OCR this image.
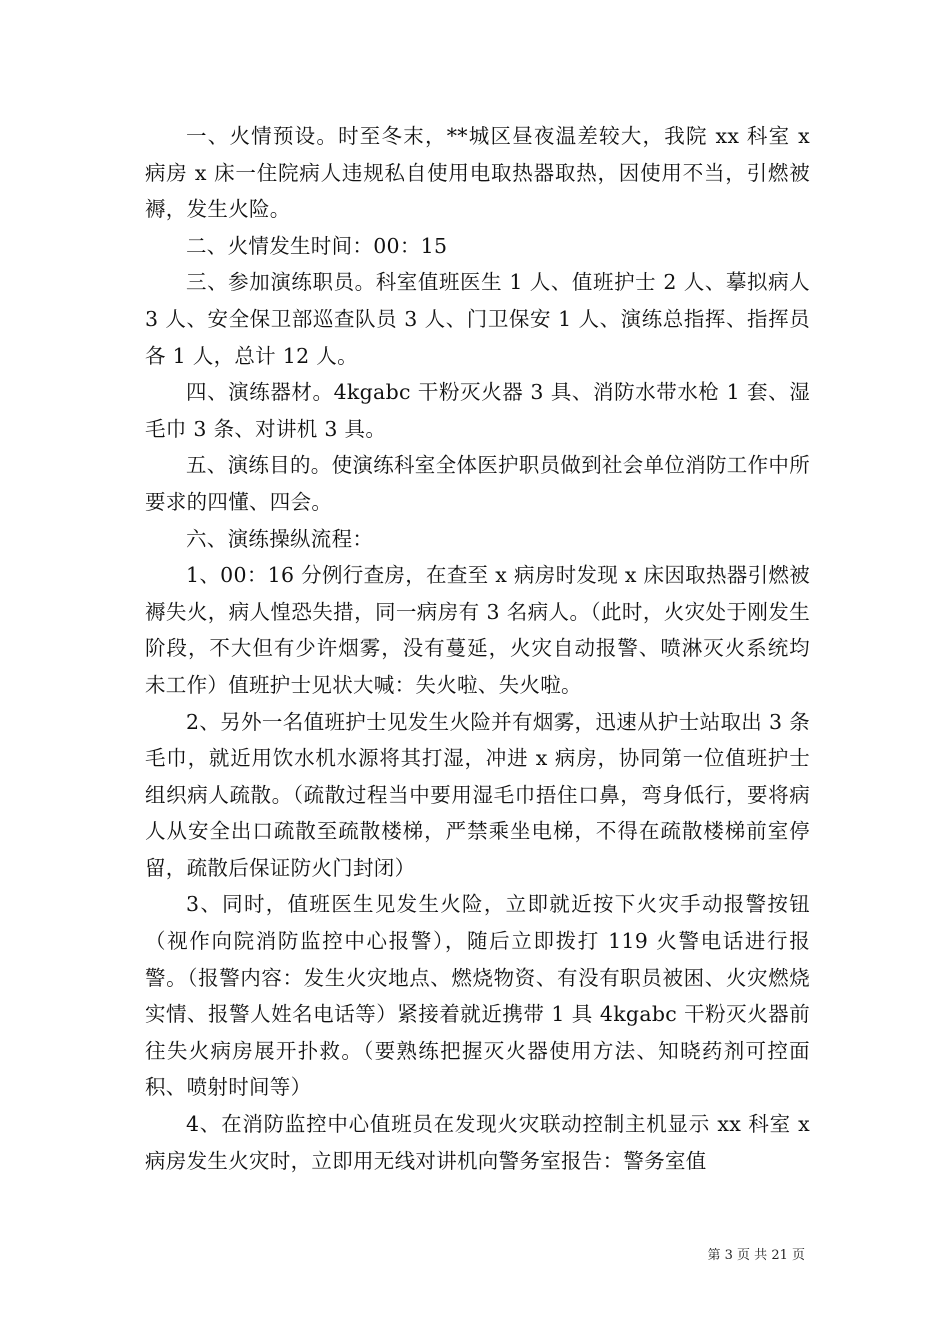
一、火情预设。时至冬末，**城区昼夜温差较大，我院 xx 科室 x 病房 x 床一住院病人违规私自使用电取热器取热，因使用不当，引燃被褥，发生火险。

二、火情发生时间：00：15

三、参加演练职员。科室值班医生 1 人、值班护士 2 人、摹拟病人 3 人、安全保卫部巡查队员 3 人、门卫保安 1 人、演练总指挥、指挥员各 1 人，总计 12 人。

四、演练器材。4kgabc 干粉灭火器 3 具、消防水带水枪 1 套、湿毛巾 3 条、对讲机 3 具。

五、演练目的。使演练科室全体医护职员做到社会单位消防工作中所要求的四懂、四会。

六、演练操纵流程：

1、00：16 分例行查房，在查至 x 病房时发现 x 床因取热器引燃被褥失火，病人惶恐失措，同一病房有 3 名病人。（此时，火灾处于刚发生阶段，不大但有少许烟雾，没有蔓延，火灾自动报警、喷淋灭火系统均未工作）值班护士见状大喊：失火啦、失火啦。

2、另外一名值班护士见发生火险并有烟雾，迅速从护士站取出 3 条毛巾，就近用饮水机水源将其打湿，冲进 x 病房，协同第一位值班护士组织病人疏散。（疏散过程当中要用湿毛巾捂住口鼻，弯身低行，要将病人从安全出口疏散至疏散楼梯，严禁乘坐电梯，不得在疏散楼梯前室停留，疏散后保证防火门封闭）

3、同时，值班医生见发生火险，立即就近按下火灾手动报警按钮（视作向院消防监控中心报警），随后立即拨打 119 火警电话进行报警。（报警内容：发生火灾地点、燃烧物资、有没有职员被困、火灾燃烧实情、报警人姓名电话等）紧接着就近携带 1 具 4kgabc 干粉灭火器前往失火病房展开扑救。（要熟练把握灭火器使用方法、知晓药剂可控面积、喷射时间等）

4、在消防监控中心值班员在发现火灾联动控制主机显示 xx 科室 x 病房发生火灾时，立即用无线对讲机向警务室报告：警务室值

第 3 页 共 21 页
